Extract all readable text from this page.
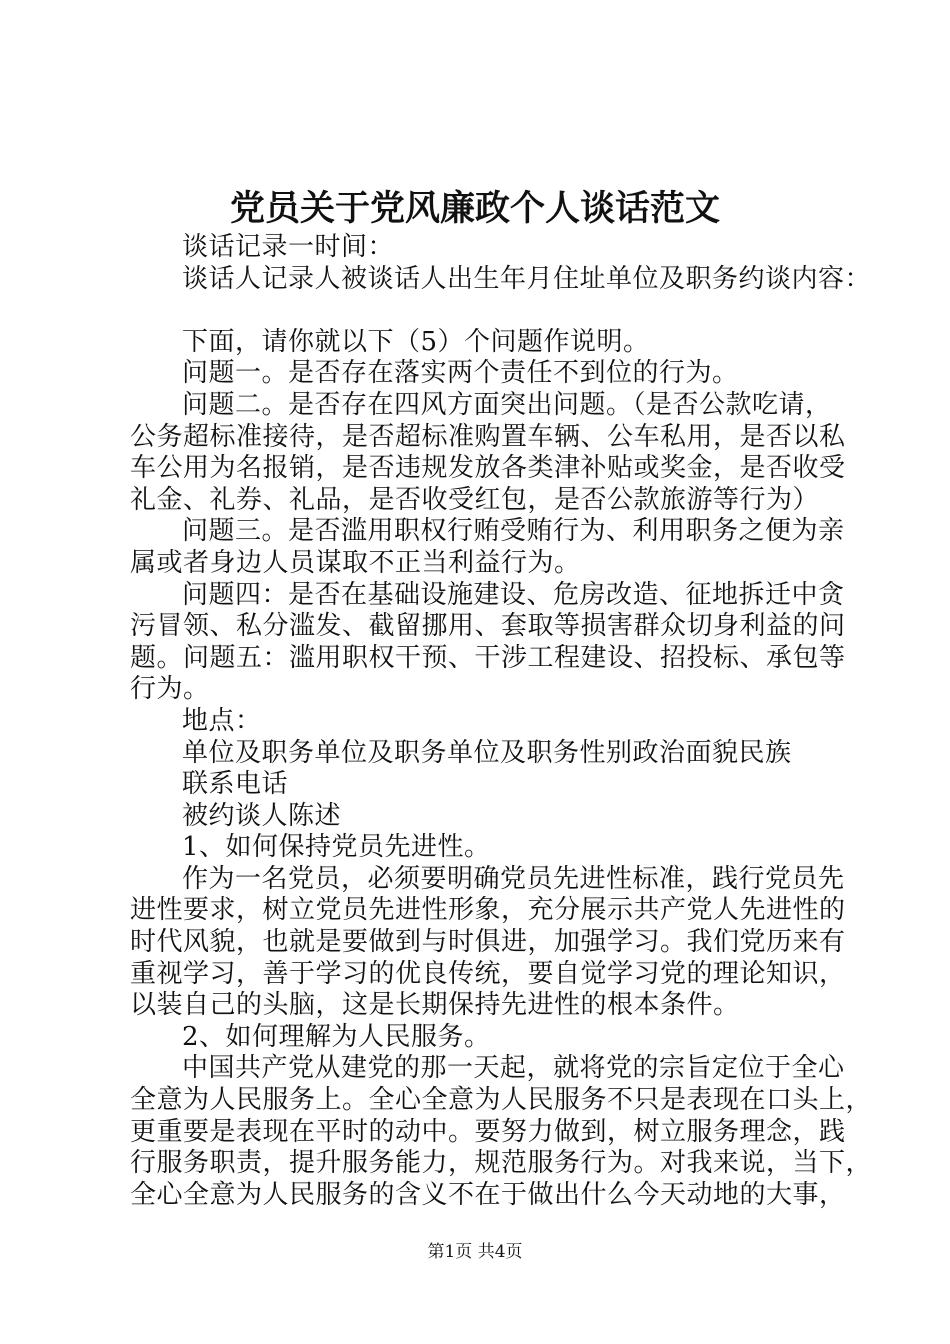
党员关于党风廉政个人谈话范文
谈话记录一时间：
谈话人记录人被谈话人出生年月住址单位及职务约谈内容：
下面，请你就以下（5）个问题作说明。
问题一。是否存在落实两个责任不到位的行为。
问题二。是否存在四风方面突出问题。（是否公款吃请，
公务超标准接待，是否超标准购置车辆、公车私用，是否以私
车公用为名报销，是否违规发放各类津补贴或奖金，是否收受
礼金、礼券、礼品，是否收受红包，是否公款旅游等行为）
问题三。是否滥用职权行贿受贿行为、利用职务之便为亲
属或者身边人员谋取不正当利益行为。
问题四：是否在基础设施建设、危房改造、征地拆迁中贪
污冒领、私分滥发、截留挪用、套取等损害群众切身利益的问
题。问题五：滥用职权干预、干涉工程建设、招投标、承包等
行为。
地点：
单位及职务单位及职务单位及职务性别政治面貌民族
联系电话
被约谈人陈述
1、如何保持党员先进性。
作为一名党员，必须要明确党员先进性标准，践行党员先
进性要求，树立党员先进性形象，充分展示共产党人先进性的
时代风貌，也就是要做到与时俱进，加强学习。我们党历来有
重视学习，善于学习的优良传统，要自觉学习党的理论知识，
以装自己的头脑，这是长期保持先进性的根本条件。
2、如何理解为人民服务。
中国共产党从建党的那一天起，就将党的宗旨定位于全心
全意为人民服务上。全心全意为人民服务不只是表现在口头上，
更重要是表现在平时的动中。要努力做到，树立服务理念，践
行服务职责，提升服务能力，规范服务行为。对我来说，当下，
全心全意为人民服务的含义不在于做出什么今天动地的大事，
第1页 共4页
